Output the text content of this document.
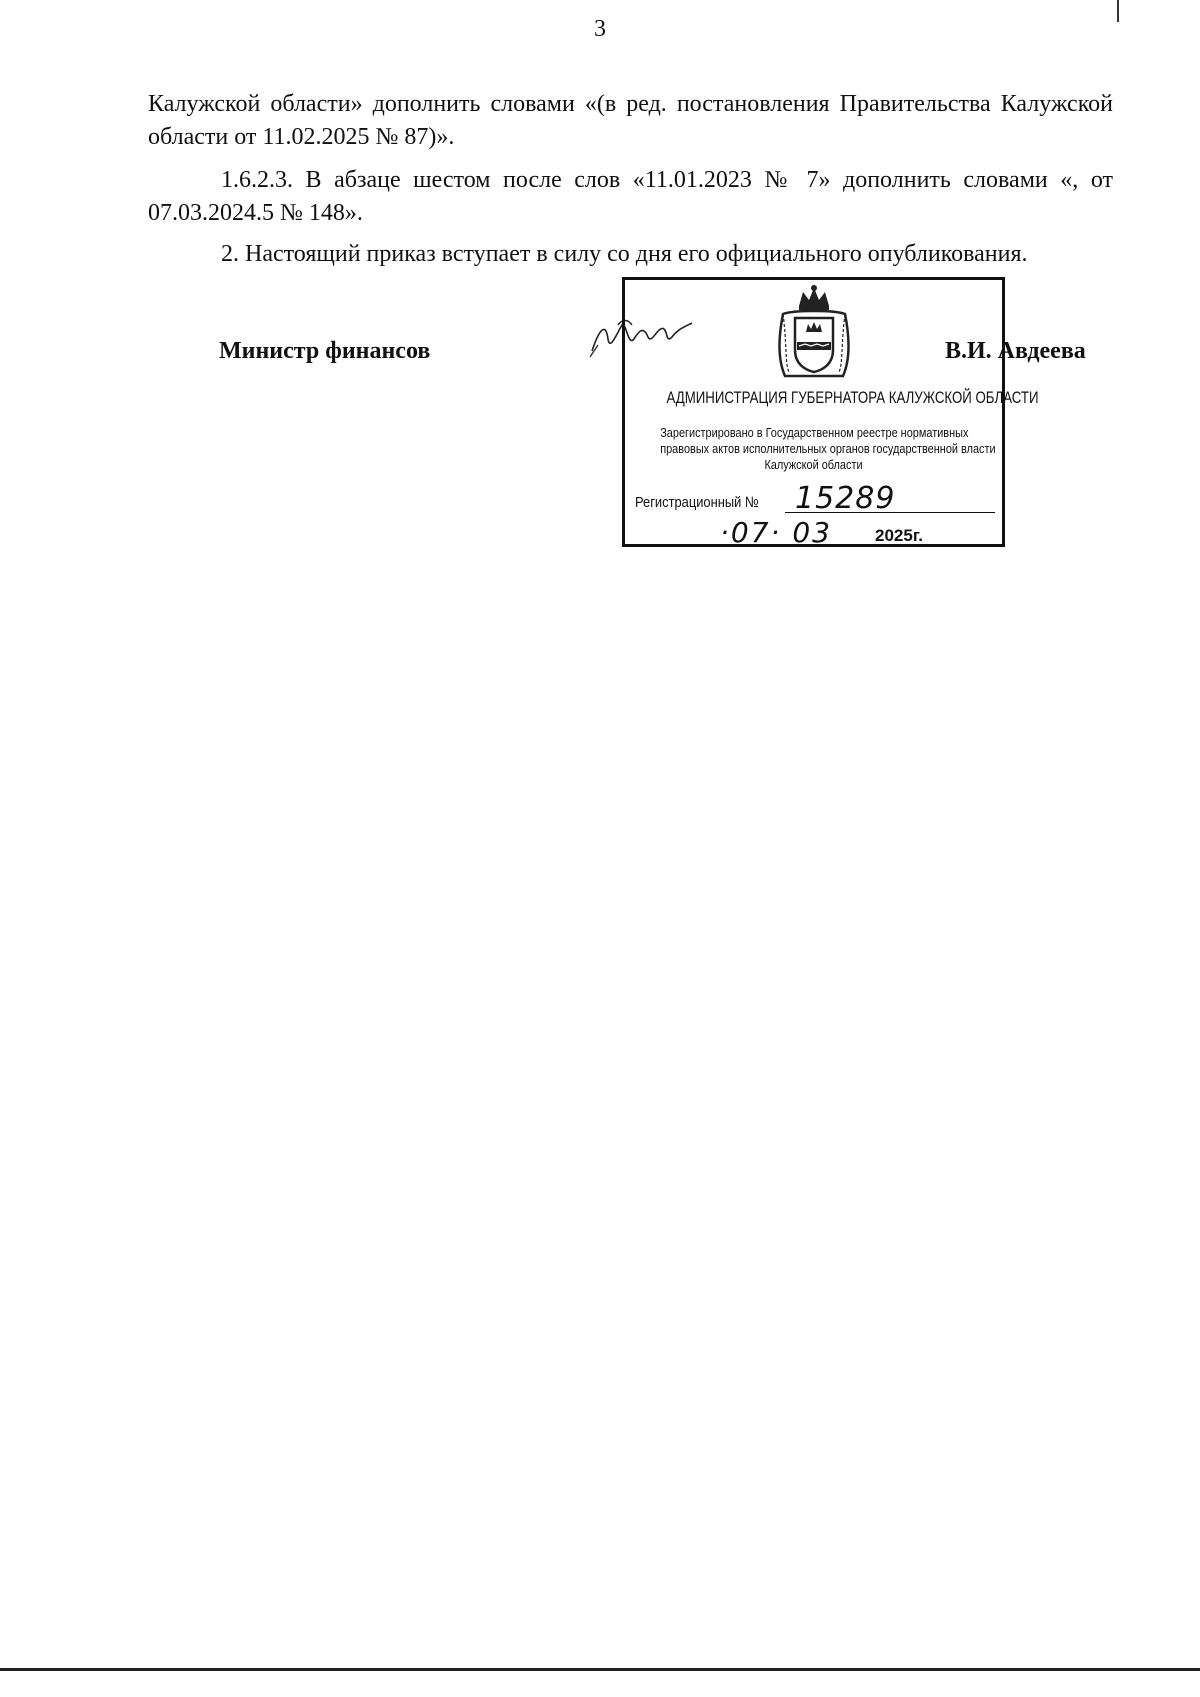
3

Калужской области» дополнить словами «(в ред. постановления Правительства Калужской области от 11.02.2025 № 87)».

1.6.2.3. В абзаце шестом после слов «11.01.2023 № 7» дополнить словами «, от 07.03.2024.5 № 148».

2. Настоящий приказ вступает в силу со дня его официального опубликования.

Министр финансов	В.И. Авдеева
АДМИНИСТРАЦИЯ ГУБЕРНАТОРА КАЛУЖСКОЙ ОБЛАСТИ
Зарегистрировано в Государственном реестре нормативных
правовых актов исполнительных органов государственной власти
Калужской области
Регистрационный № 15289
·07· 03	2025г.
